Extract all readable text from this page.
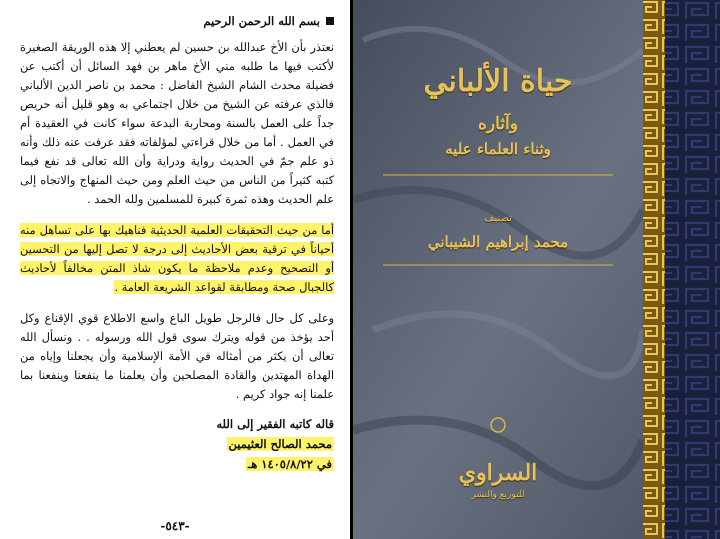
بسم الله الرحمن الرحيم

نعتذر بأن الأخ عبدالله بن حسين لم يعطني إلا هذه الوريقة الصغيرة لأكتب فيها ما طلبه مني الأخ ماهر بن فهد السائل أن أكتب عن فضيلة محدث الشام الشيخ الفاضل : محمد بن ناصر الدين الألباني فالذي عرفته عن الشيخ من خلال اجتماعي به وهو قليل أنه حريص جداً على العمل بالسنة ومحاربة البدعة سواء كانت في العقيدة أم في العمل . أما من خلال قراءتي لمؤلفاته فقد عرفت عنه ذلك وأنه ذو علم جمّ في الحديث رواية ودراية وأن الله تعالى قد نفع فيما كتبه كثيراً من الناس من حيث العلم ومن حيث المنهاج والاتجاه إلى علم الحديث وهذه ثمرة كبيرة للمسلمين ولله الحمد .

أما من حيث التحقيقات العلمية الحديثية فناهيك بها على تساهل منه أحياناً في ترقية بعض الأحاديث إلى درجة لا تصل إليها من التحسين أو التصحيح وعدم ملاحظة ما يكون شاذ المتن مخالفاً لأحاديث كالجبال صحة ومطابقة لقواعد الشريعة العامة .

وعلى كل حال فالرجل طويل الباع واسع الاطلاع قوي الإقناع وكل أحد يؤخذ من قوله ويترك سوى قول الله ورسوله . . ونسأل الله تعالى أن يكثر من أمثاله في الأمة الإسلامية وأن يجعلنا وإياه من الهداة المهتدين والقادة المصلحين وأن يعلمنا ما ينفعنا وينفعنا بما علمنا إنه جواد كريم .

قاله كاتبه الفقير إلى الله
محمد الصالح العثيمين
في ١٤٠٥/٨/٢٢ هـ
-٥٤٣-
حياة الألباني
وآثاره
وثناء العلماء عليه
تصنيف
محمد إبراهيم الشيباني
السراوي
للتوزيع والنشر
